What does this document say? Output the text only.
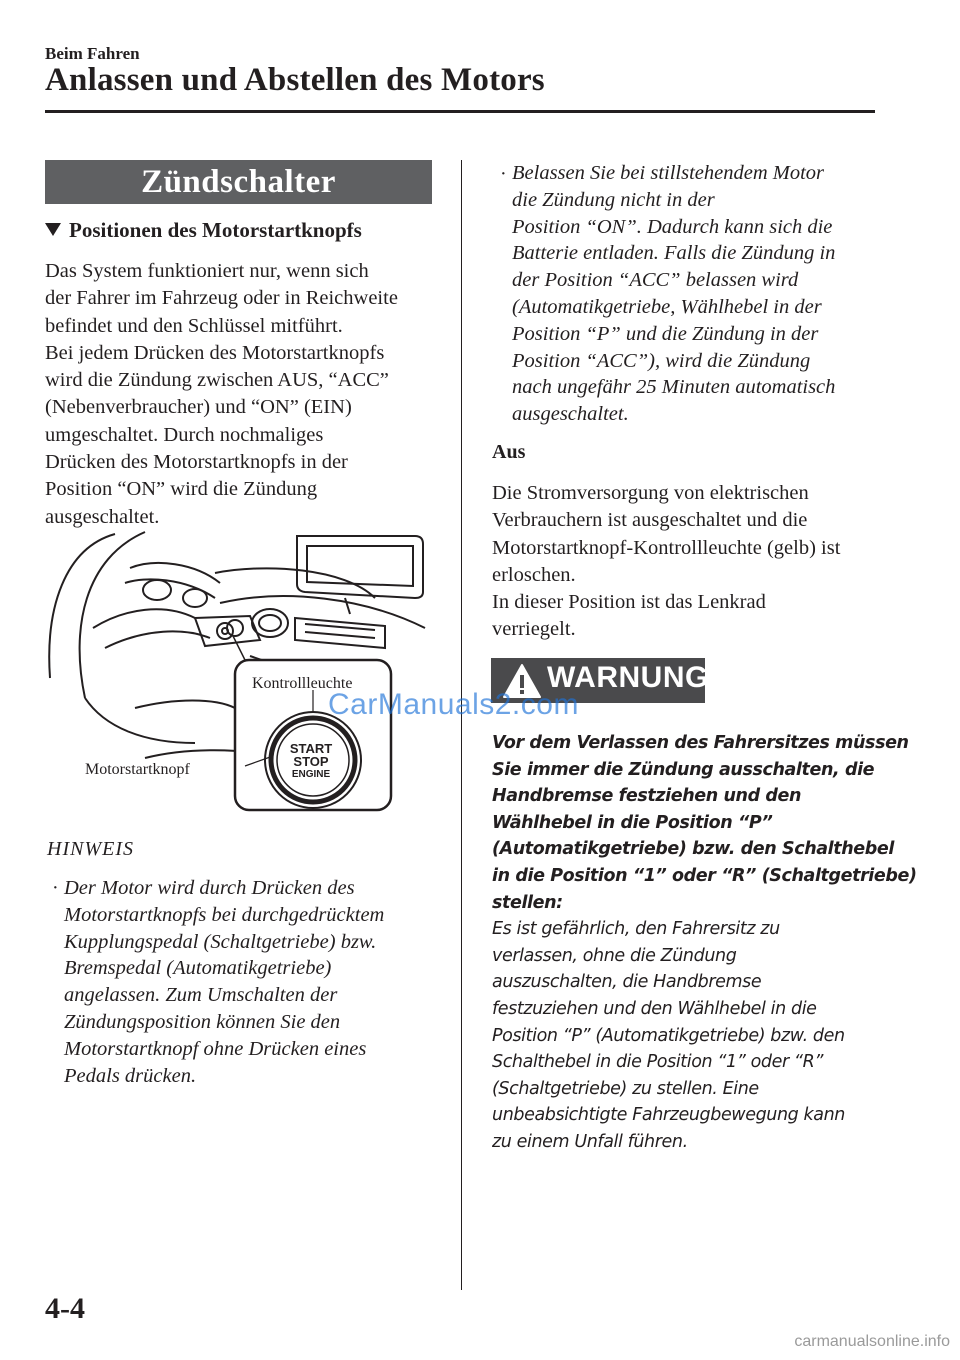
Beim Fahren
Anlassen und Abstellen des Motors
Zündschalter
Positionen des Motorstartknopfs
Das System funktioniert nur, wenn sich
der Fahrer im Fahrzeug oder in Reichweite
befindet und den Schlüssel mitführt.
Bei jedem Drücken des Motorstartknopfs
wird die Zündung zwischen AUS, “ACC”
(Nebenverbraucher) und “ON” (EIN)
umgeschaltet. Durch nochmaliges
Drücken des Motorstartknopfs in der
Position “ON” wird die Zündung
ausgeschaltet.
START
STOP
ENGINE
Kontrollleuchte
Motorstartknopf
HINWEIS
· Der Motor wird durch Drücken des
Motorstartknopfs bei durchgedrücktem
Kupplungspedal (Schaltgetriebe) bzw.
Bremspedal (Automatikgetriebe)
angelassen. Zum Umschalten der
Zündungsposition können Sie den
Motorstartknopf ohne Drücken eines
Pedals drücken.
· Belassen Sie bei stillstehendem Motor
die Zündung nicht in der
Position “ON”. Dadurch kann sich die
Batterie entladen. Falls die Zündung in
der Position “ACC” belassen wird
(Automatikgetriebe, Wählhebel in der
Position “P” und die Zündung in der
Position “ACC”), wird die Zündung
nach ungefähr 25 Minuten automatisch
ausgeschaltet.
Aus
Die Stromversorgung von elektrischen
Verbrauchern ist ausgeschaltet und die
Motorstartknopf-Kontrollleuchte (gelb) ist
erloschen.
In dieser Position ist das Lenkrad
verriegelt.
WARNUNG
CarManuals2.com
Vor dem Verlassen des Fahrersitzes müssen
Sie immer die Zündung ausschalten, die
Handbremse festziehen und den
Wählhebel in die Position “P”
(Automatikgetriebe) bzw. den Schalthebel
in die Position “1” oder “R” (Schaltgetriebe)
stellen:
Es ist gefährlich, den Fahrersitz zu
verlassen, ohne die Zündung
auszuschalten, die Handbremse
festzuziehen und den Wählhebel in die
Position “P” (Automatikgetriebe) bzw. den
Schalthebel in die Position “1” oder “R”
(Schaltgetriebe) zu stellen. Eine
unbeabsichtigte Fahrzeugbewegung kann
zu einem Unfall führen.
4-4
carmanualsonline.info
